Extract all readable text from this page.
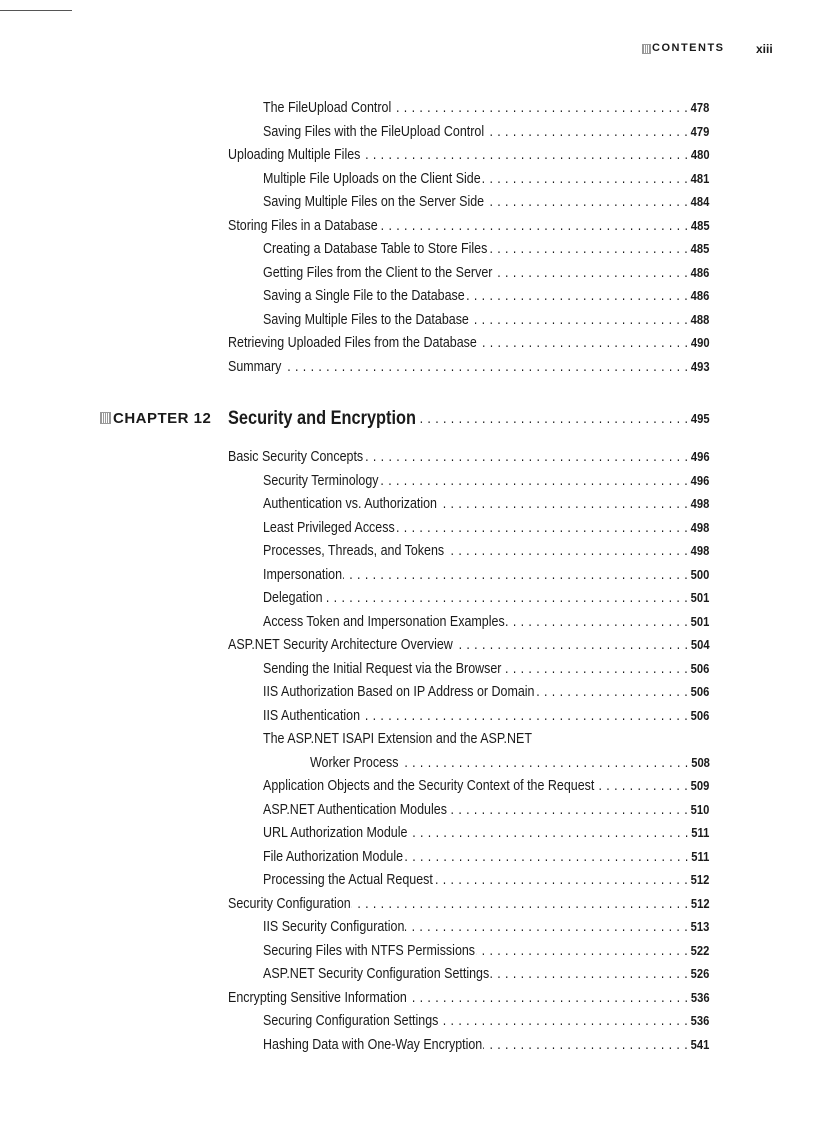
CONTENTS	xiii
The FileUpload Control . . .	478
Saving Files with the FileUpload Control . . .	479
Uploading Multiple Files . . .	480
Multiple File Uploads on the Client Side . . .	481
Saving Multiple Files on the Server Side . . .	484
Storing Files in a Database . . .	485
Creating a Database Table to Store Files . . .	485
Getting Files from the Client to the Server . . .	486
Saving a Single File to the Database . . .	486
Saving Multiple Files to the Database . . .	488
Retrieving Uploaded Files from the Database . . .	490
Summary . . .	493
CHAPTER 12 Security and Encryption . . .	495
Basic Security Concepts . . .	496
Security Terminology . . .	496
Authentication vs. Authorization . . .	498
Least Privileged Access . . .	498
Processes, Threads, and Tokens . . .	498
Impersonation . . .	500
Delegation . . .	501
Access Token and Impersonation Examples . . .	501
ASP.NET Security Architecture Overview . . .	504
Sending the Initial Request via the Browser . . .	506
IIS Authorization Based on IP Address or Domain . . .	506
IIS Authentication . . .	506
The ASP.NET ISAPI Extension and the ASP.NET
Worker Process . . .	508
Application Objects and the Security Context of the Request . . .	509
ASP.NET Authentication Modules . . .	510
URL Authorization Module . . .	511
File Authorization Module . . .	511
Processing the Actual Request . . .	512
Security Configuration . . .	512
IIS Security Configuration . . .	513
Securing Files with NTFS Permissions . . .	522
ASP.NET Security Configuration Settings . . .	526
Encrypting Sensitive Information . . .	536
Securing Configuration Settings . . .	536
Hashing Data with One-Way Encryption . . .	541
